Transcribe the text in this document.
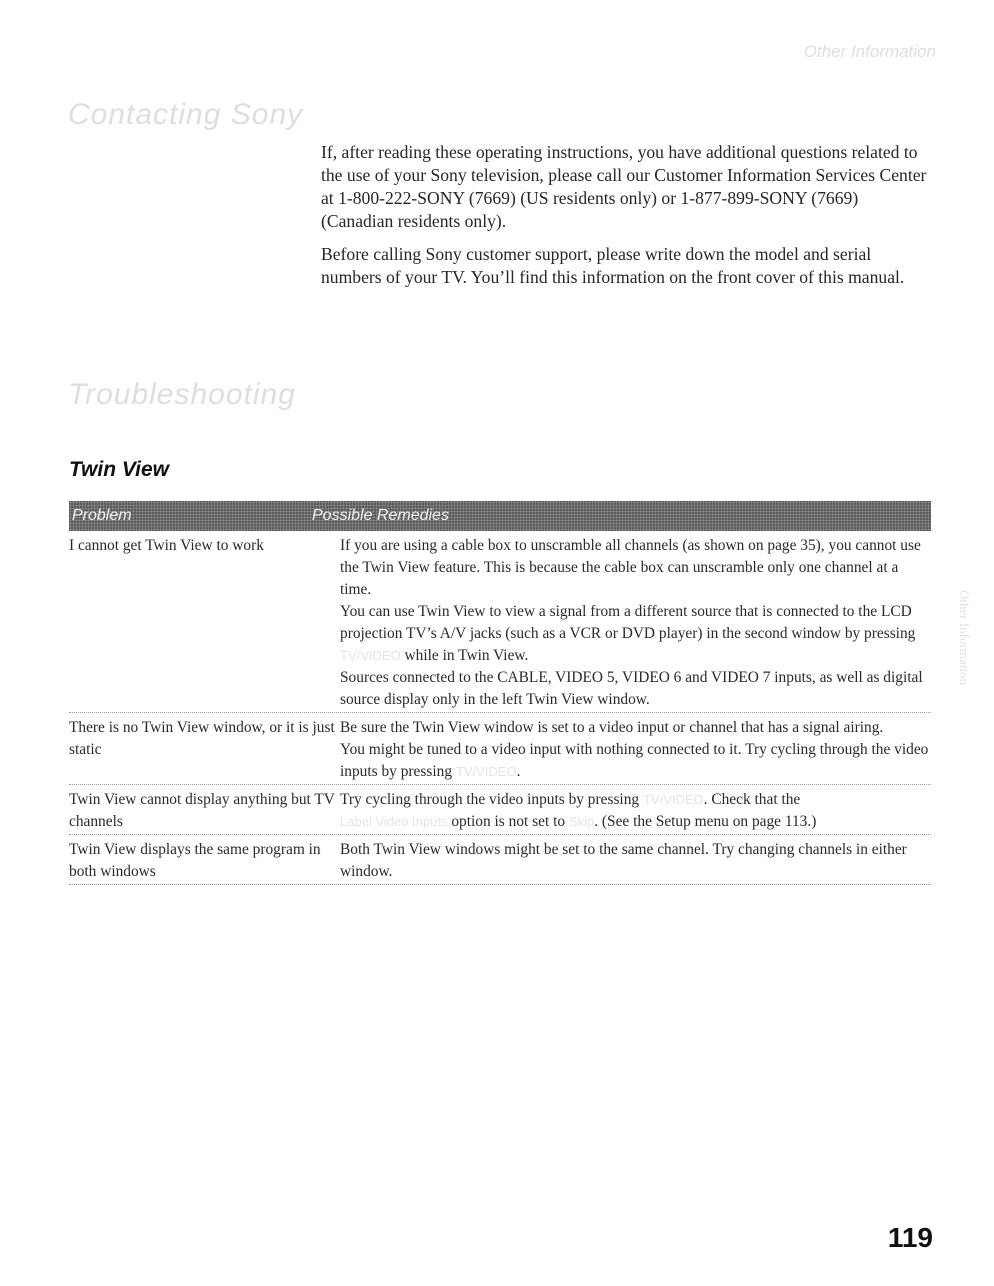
Other Information
Contacting Sony

If, after reading these operating instructions, you have additional questions related to the use of your Sony television, please call our Customer Information Services Center at 1-800-222-SONY (7669) (US residents only) or 1-877-899-SONY (7669) (Canadian residents only).

Before calling Sony customer support, please write down the model and serial numbers of your TV. You’ll find this information on the front cover of this manual.

Troubleshooting
Other Information
Twin View
Problem	Possible Remedies
I cannot get Twin View to work	If you are using a cable box to unscramble all channels (as shown on page 35), you cannot use the Twin View feature. This is because the cable box can unscramble only one channel at a time.

You can use Twin View to view a signal from a different source that is connected to the LCD projection TV’s A/V jacks (such as a VCR or DVD player) in the second window by pressing TV/VIDEO while in Twin View.

Sources connected to the CABLE, VIDEO 5, VIDEO 6 and VIDEO 7 inputs, as well as digital source display only in the left Twin View window.

There is no Twin View window, or it is just static

Be sure the Twin View window is set to a video input or channel that has a signal airing.

You might be tuned to a video input with nothing connected to it. Try cycling through the video inputs by pressing TV/VIDEO.

Twin View cannot display anything but TV channels

Try cycling through the video inputs by pressing TV/VIDEO. Check that the

Label Video Inputs option is not set to Skip. (See the Setup menu on page 113.)

Twin View displays the same program in both windows

Both Twin View windows might be set to the same channel. Try changing channels in either window.

119
